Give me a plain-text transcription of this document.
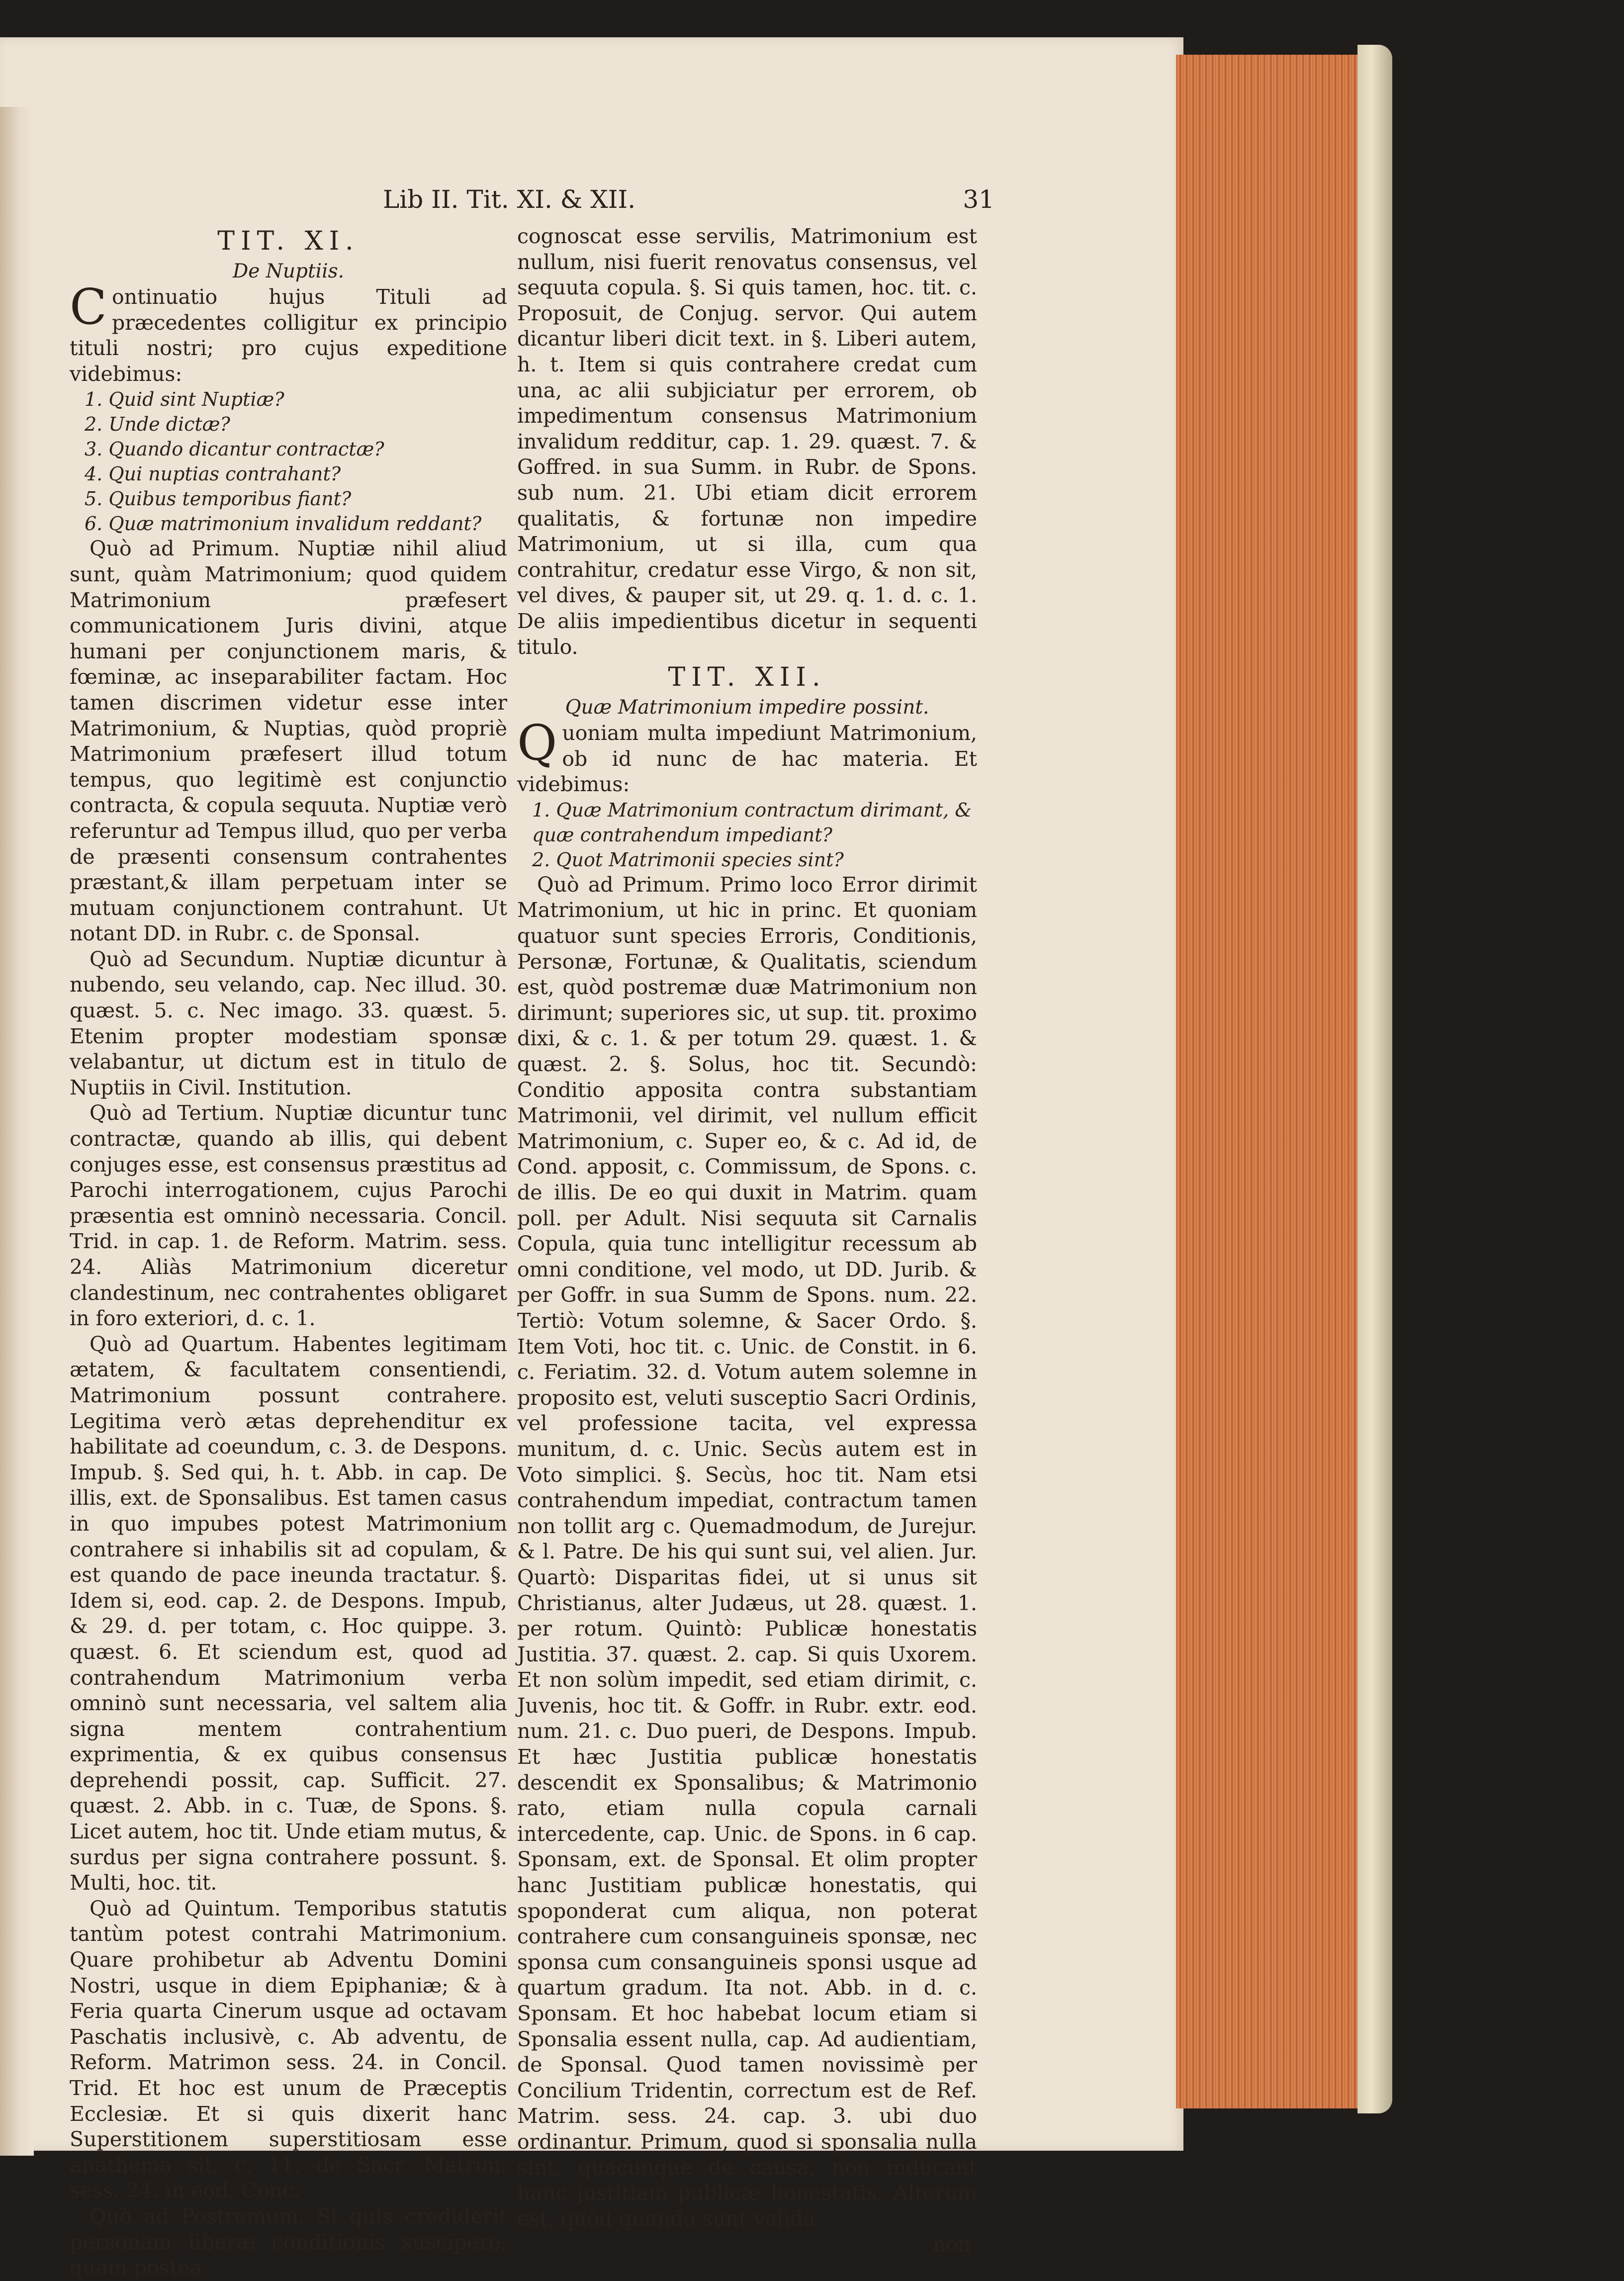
Lib II. Tit. XI. & XII.	31
TIT. XI.
De Nuptiis.

Continuatio hujus Tituli ad præcedentes colligitur ex principio tituli nostri; pro cujus expeditione videbimus:

1. Quid sint Nuptiæ?
2. Unde dictæ?
3. Quando dicantur contractæ?
4. Qui nuptias contrahant?
5. Quibus temporibus fiant?
6. Quæ matrimonium invalidum reddant?

Quò ad Primum. Nuptiæ nihil aliud sunt, quàm Matrimonium; quod quidem Matrimonium præfesert communicationem Juris divini, atque humani per conjunctionem maris, & fœminæ, ac inseparabiliter factam. Hoc tamen discrimen videtur esse inter Matrimonium, & Nuptias, quòd propriè Matrimonium præfesert illud totum tempus, quo legitimè est conjunctio contracta, & copula sequuta. Nuptiæ verò referuntur ad Tempus illud, quo per verba de præsenti consensum contrahentes præstant,& illam perpetuam inter se mutuam conjunctionem contrahunt. Ut notant DD. in Rubr. c. de Sponsal.

Quò ad Secundum. Nuptiæ dicuntur à nubendo, seu velando, cap. Nec illud. 30. quæst. 5. c. Nec imago. 33. quæst. 5. Etenim propter modestiam sponsæ velabantur, ut dictum est in titulo de Nuptiis in Civil. Institution.

Quò ad Tertium. Nuptiæ dicuntur tunc contractæ, quando ab illis, qui debent conjuges esse, est consensus præstitus ad Parochi interrogationem, cujus Parochi præsentia est omninò necessaria. Concil. Trid. in cap. 1. de Reform. Matrim. sess. 24. Aliàs Matrimonium diceretur clandestinum, nec contrahentes obligaret in foro exteriori, d. c. 1.

Quò ad Quartum. Habentes legitimam ætatem, & facultatem consentiendi, Matrimonium possunt contrahere. Legitima verò ætas deprehenditur ex habilitate ad coeundum, c. 3. de Despons. Impub. §. Sed qui, h. t. Abb. in cap. De illis, ext. de Sponsalibus. Est tamen casus in quo impubes potest Matrimonium contrahere si inhabilis sit ad copulam, & est quando de pace ineunda tractatur. §. Idem si, eod. cap. 2. de Despons. Impub, & 29. d. per totam, c. Hoc quippe. 3. quæst. 6. Et sciendum est, quod ad contrahendum Matrimonium verba omninò sunt necessaria, vel saltem alia signa mentem contrahentium exprimentia, & ex quibus consensus deprehendi possit, cap. Sufficit. 27. quæst. 2. Abb. in c. Tuæ, de Spons. §. Licet autem, hoc tit. Unde etiam mutus, & surdus per signa contrahere possunt. §. Multi, hoc. tit.

Quò ad Quintum. Temporibus statutis tantùm potest contrahi Matrimonium. Quare prohibetur ab Adventu Domini Nostri, usque in diem Epiphaniæ; & à Feria quarta Cinerum usque ad octavam Paschatis inclusivè, c. Ab adventu, de Reform. Matrimon sess. 24. in Concil. Trid. Et hoc est unum de Præceptis Ecclesiæ. Et si quis dixerit hanc Superstitionem superstitiosam esse anathema sit, c. 11. de Sacr. Matrim. sess. 24. in eod. Conc.

Quò ad Postremum. Si quis crediderit personam liberæ conditionis suscipere, quam postea

cognoscat esse servilis, Matrimonium est nullum, nisi fuerit renovatus consensus, vel sequuta copula. §. Si quis tamen, hoc. tit. c. Proposuit, de Conjug. servor. Qui autem dicantur liberi dicit text. in §. Liberi autem, h. t. Item si quis contrahere credat cum una, ac alii subjiciatur per errorem, ob impedimentum consensus Matrimonium invalidum redditur, cap. 1. 29. quæst. 7. & Goffred. in sua Summ. in Rubr. de Spons. sub num. 21. Ubi etiam dicit errorem qualitatis, & fortunæ non impedire Matrimonium, ut si illa, cum qua contrahitur, credatur esse Virgo, & non sit, vel dives, & pauper sit, ut 29. q. 1. d. c. 1. De aliis impedientibus dicetur in sequenti titulo.

TIT. XII.
Quæ Matrimonium impedire possint.

Quoniam multa impediunt Matrimonium, ob id nunc de hac materia. Et videbimus:

1. Quæ Matrimonium contractum dirimant, & quæ contrahendum impediant?
2. Quot Matrimonii species sint?

Quò ad Primum. Primo loco Error dirimit Matrimonium, ut hic in princ. Et quoniam quatuor sunt species Erroris, Conditionis, Personæ, Fortunæ, & Qualitatis, sciendum est, quòd postremæ duæ Matrimonium non dirimunt; superiores sic, ut sup. tit. proximo dixi, & c. 1. & per totum 29. quæst. 1. & quæst. 2. §. Solus, hoc tit. Secundò: Conditio apposita contra substantiam Matrimonii, vel dirimit, vel nullum efficit Matrimonium, c. Super eo, & c. Ad id, de Cond. apposit, c. Commissum, de Spons. c. de illis. De eo qui duxit in Matrim. quam poll. per Adult. Nisi sequuta sit Carnalis Copula, quia tunc intelligitur recessum ab omni conditione, vel modo, ut DD. Jurib. & per Goffr. in sua Summ de Spons. num. 22. Tertiò: Votum solemne, & Sacer Ordo. §. Item Voti, hoc tit. c. Unic. de Constit. in 6. c. Feriatim. 32. d. Votum autem solemne in proposito est, veluti susceptio Sacri Ordinis, vel professione tacita, vel expressa munitum, d. c. Unic. Secùs autem est in Voto simplici. §. Secùs, hoc tit. Nam etsi contrahendum impediat, contractum tamen non tollit arg c. Quemadmodum, de Jurejur. & l. Patre. De his qui sunt sui, vel alien. Jur. Quartò: Disparitas fidei, ut si unus sit Christianus, alter Judæus, ut 28. quæst. 1. per rotum. Quintò: Publicæ honestatis Justitia. 37. quæst. 2. cap. Si quis Uxorem. Et non solùm impedit, sed etiam dirimit, c. Juvenis, hoc tit. & Goffr. in Rubr. extr. eod. num. 21. c. Duo pueri, de Despons. Impub. Et hæc Justitia publicæ honestatis descendit ex Sponsalibus; & Matrimonio rato, etiam nulla copula carnali intercedente, cap. Unic. de Spons. in 6 cap. Sponsam, ext. de Sponsal. Et olim propter hanc Justitiam publicæ honestatis, qui spoponderat cum aliqua, non poterat contrahere cum consanguineis sponsæ, nec sponsa cum consanguineis sponsi usque ad quartum gradum. Ita not. Abb. in d. c. Sponsam. Et hoc habebat locum etiam si Sponsalia essent nulla, cap. Ad audientiam, de Sponsal. Quod tamen novissimè per Concilium Tridentin, correctum est de Ref. Matrim. sess. 24. cap. 3. ubi duo ordinantur. Primum, quod si sponsalia nulla sint, quacunque de causa, non inducant hanc justitiam publicæ honestatis. Alterum est, quòd quando sunt valida

non
